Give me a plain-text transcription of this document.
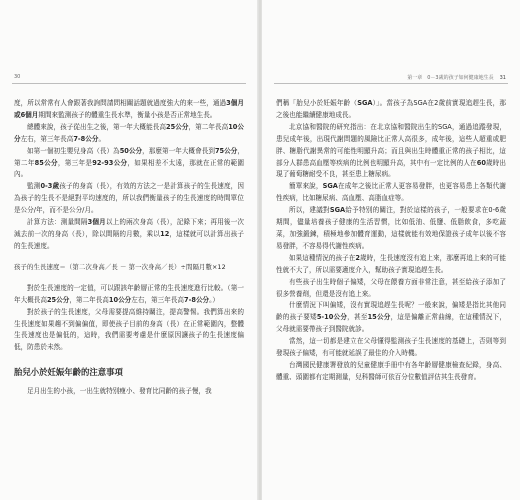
30

度，所以常常有人會跟著我詢問請問相關話題就過度強大的來一些，通過3個月或6個月期間來監測孩子的體重生長水準，衡量小孩是否正常地生長。

總體來說，孩子從出生之後，第一年大概能長高25公分，第二年長高10公分左右，第三年長高7-8公分。

如第一個初生嬰兒身高（長）為50公分，那麼第一年大概會長到75公分，第二年85公分，第三年是92-93公分，如果相差不太遠，那就在正常的範圍內。

監測0-3歲孩子的身高（長），有效的方法之一是計算孩子的生長速度，因為孩子的生長不是絕對平均速度的，所以我們衡量孩子的生長速度的時間單位是公分/年，而不是公分/月。

計算方法：測量間隔3個月以上的兩次身高（長），記錄下來；再用後一次減去前一次的身高（長），除以間隔的月數，乘以12，這樣就可以計算出孩子的生長速度。

孩子的生長速度＝（第二次身高／長 － 第一次身高／長）÷間隔月數×12

對於生長速度的一定值，可以跟該年齡層正常的生長速度進行比較。（第一年大概長高25公分，第二年長高10公分左右，第三年長高7-8公分。）

對於孩子的生長速度，父母需要提高維持關注，提高警惕。我們算出來的生長速度如果趨不到偏偏值，即使孩子目前的身高（長）在正常範圍內，整體生長速度也是偏低的，這時，我們需要考慮是什麼原因讓孩子的生長速度偏低，防患於未然。

胎兒小於妊娠年齡的注意事項

足月出生的小孩，一出生就特別瘦小、發育比同齡的孩子慢，我

第一章　0－3歲的孩子如何健康地生長 31

們稱「胎兒小於妊娠年齡（SGA）」。當孩子為SGA在2歲前實現追趕生長，那之後也能繼續健康地成長。

北京協和醫院的研究指出：在北京協和醫院出生的SGA，通過追蹤發現，患兒成年後，出現代謝問題的風險比正常人高很多，成年後，這些人超重或肥胖、糖脂代謝異常的可能性明顯升高；而且與出生時體重正常的孩子相比，這部分人群患高血壓等疾病的比例也明顯升高，其中有一定比例的人在60歲時出現了葡萄糖耐受不良，甚至患上糖尿病。

簡單來說，SGA在成年之後比正常人更容易發胖，也更容易患上各類代謝性疾病，比如糖尿病、高血壓、高脂血症等。

所以，建議對SGA給予特別的關注，對於這樣的孩子，一般要求在0-6歲期間，儘量培養孩子健康的生活習慣，比如低油、低鹽、低脂飲食，多吃蔬菜，加強鍛鍊，積極地參加體育運動，這樣就能有效地保證孩子成年以後不容易發胖，不容易得代謝性疾病。

如果這種情況的孩子在2歲時，生長速度沒有追上來，那麼再追上來的可能性就不大了，所以需要適度介入，幫助孩子實現追趕生長。

有些孩子出生時個子偏矮，父母在餵養方面非常注意，甚至給孩子添加了很多營養劑，但還是沒有追上來。

什麼情況下叫偏矮，沒有實現追趕生長呢？一般來說，偏矮是指比其他同齡的孩子要矮5-10公分，甚至15公分，這是偏離正常曲線，在這種情況下，父母就需要帶孩子到醫院就診。

當然，這一切都是建立在父母懂得監測孩子生長速度的基礎上，否則等到發現孩子偏矮，有可能就延誤了最佳的介入時機。

台灣國民健康署發放的兒童健康手冊中有各年齡層健康檢查紀錄，身高、體重、頭圍都有定期測量，兒科醫師可依百分位數值評估其生長發育。
